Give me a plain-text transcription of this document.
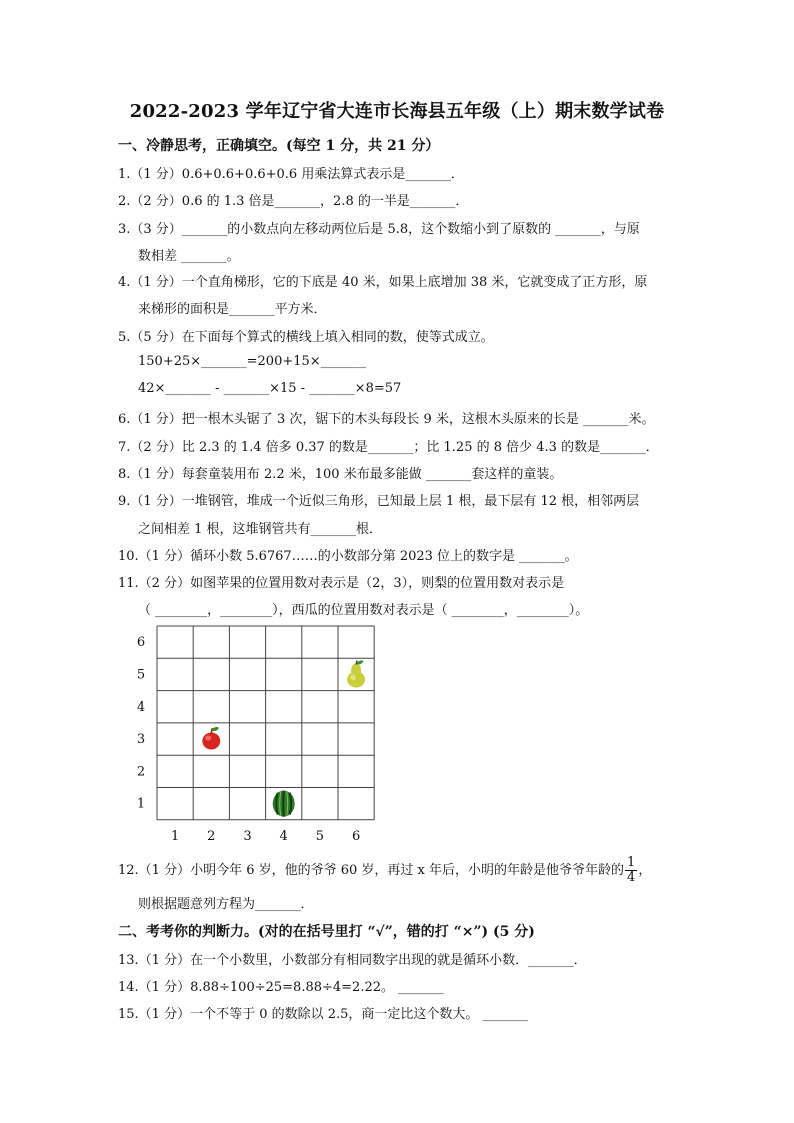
2022-2023 学年辽宁省大连市长海县五年级（上）期末数学试卷
一、冷静思考，正确填空。(每空 1 分，共 21 分）
1.（1 分）0.6+0.6+0.6+0.6 用乘法算式表示是_______．
2.（2 分）0.6 的 1.3 倍是_______，2.8 的一半是_______．
3.（3 分）_______的小数点向左移动两位后是 5.8，这个数缩小到了原数的 _______，与原
数相差 _______。
4.（1 分）一个直角梯形，它的下底是 40 米，如果上底增加 38 米，它就变成了正方形，原
来梯形的面积是_______平方米．
5.（5 分）在下面每个算式的横线上填入相同的数，使等式成立。
150+25×_______=200+15×_______
42×_______ - _______×15 - _______×8=57
6.（1 分）把一根木头锯了 3 次，锯下的木头每段长 9 米，这根木头原来的长是 _______米。
7.（2 分）比 2.3 的 1.4 倍多 0.37 的数是_______；比 1.25 的 8 倍少 4.3 的数是_______．
8.（1 分）每套童装用布 2.2 米，100 米布最多能做 _______套这样的童装。
9.（1 分）一堆钢管，堆成一个近似三角形，已知最上层 1 根，最下层有 12 根，相邻两层
之间相差 1 根，这堆钢管共有_______根．
10.（1 分）循环小数 5.6767……的小数部分第 2023 位上的数字是 _______。
11.（2 分）如图苹果的位置用数对表示是（2，3），则梨的位置用数对表示是
（ ________，________），西瓜的位置用数对表示是（ ________，________）。
6
5
4
3
2
1
1 2 3 4 5 6
12.（1 分）小明今年 6 岁，他的爷爷 60 岁，再过 x 年后，小明的年龄是他爷爷年龄的 $\frac{1}{4}$ ，
则根据题意列方程为_______．
二、考考你的判断力。(对的在括号里打 “√”，错的打 “×”) (5 分)
13.（1 分）在一个小数里，小数部分有相同数字出现的就是循环小数．_______．
14.（1 分）8.88÷100÷25=8.88÷4=2.22。 _______
15.（1 分）一个不等于 0 的数除以 2.5，商一定比这个数大。 _______
